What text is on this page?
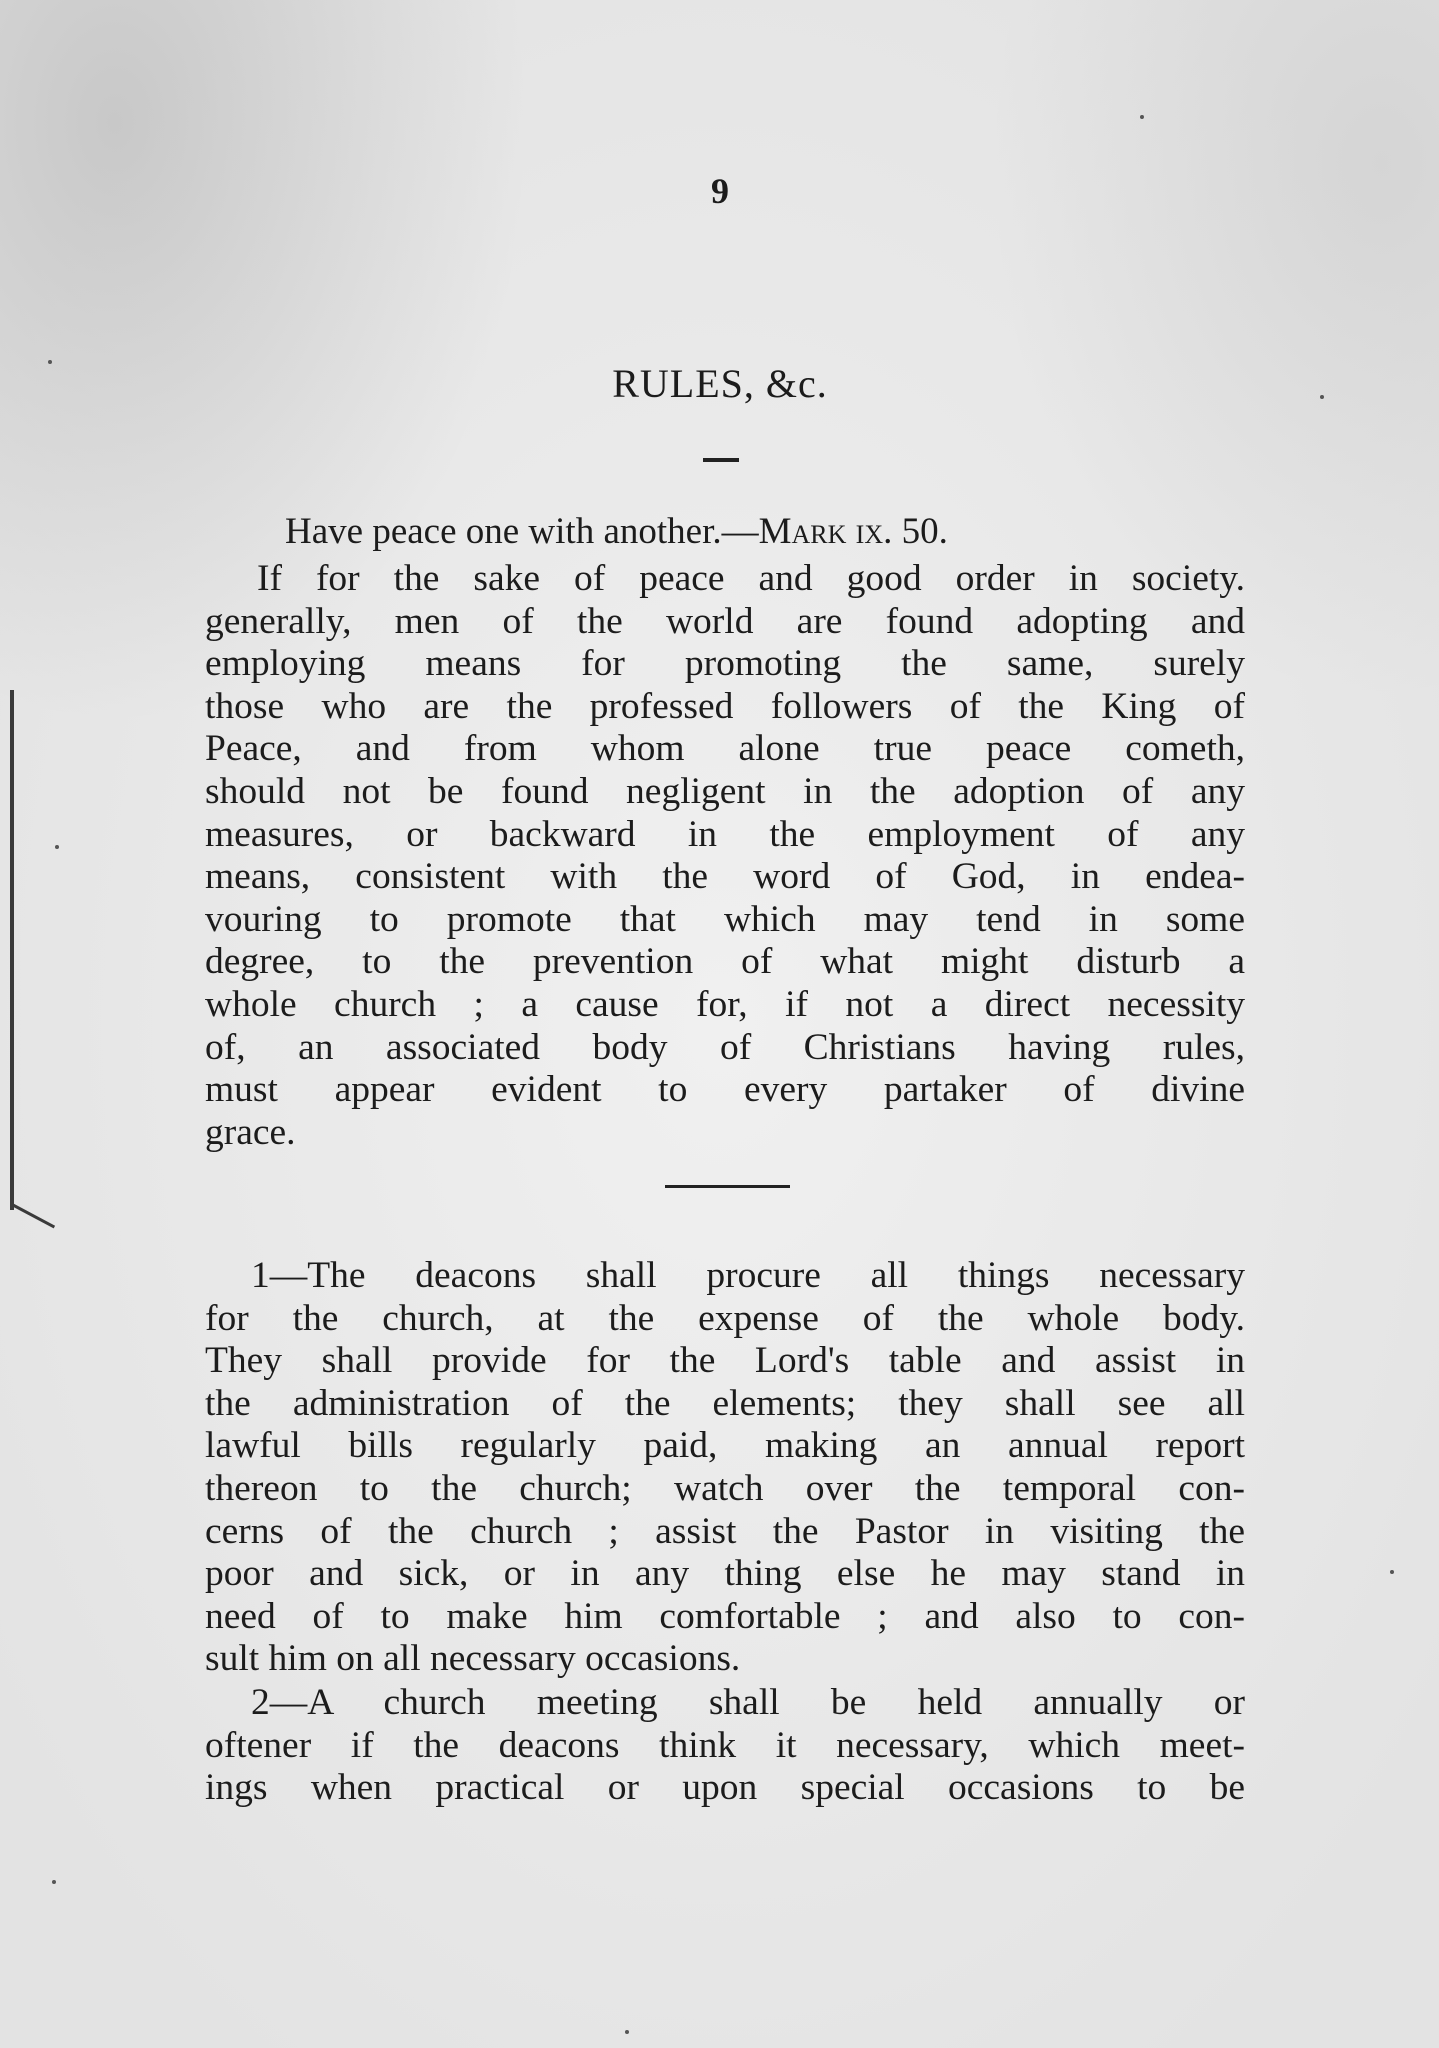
9
RULES, &c.
Have peace one with another.—Mark ix. 50.
If for the sake of peace and good order in society.
generally, men of the world are found adopting and
employing means for promoting the same, surely
those who are the professed followers of the King of
Peace, and from whom alone true peace cometh,
should not be found negligent in the adoption of any
measures, or backward in the employment of any
means, consistent with the word of God, in endea-
vouring to promote that which may tend in some
degree, to the prevention of what might disturb a
whole church ; a cause for, if not a direct necessity
of, an associated body of Christians having rules,
must appear evident to every partaker of divine
grace.
1—The deacons shall procure all things necessary
for the church, at the expense of the whole body.
They shall provide for the Lord's table and assist in
the administration of the elements; they shall see all
lawful bills regularly paid, making an annual report
thereon to the church; watch over the temporal con-
cerns of the church ; assist the Pastor in visiting the
poor and sick, or in any thing else he may stand in
need of to make him comfortable ; and also to con-
sult him on all necessary occasions.
2—A church meeting shall be held annually or
oftener if the deacons think it necessary, which meet-
ings when practical or upon special occasions to be
